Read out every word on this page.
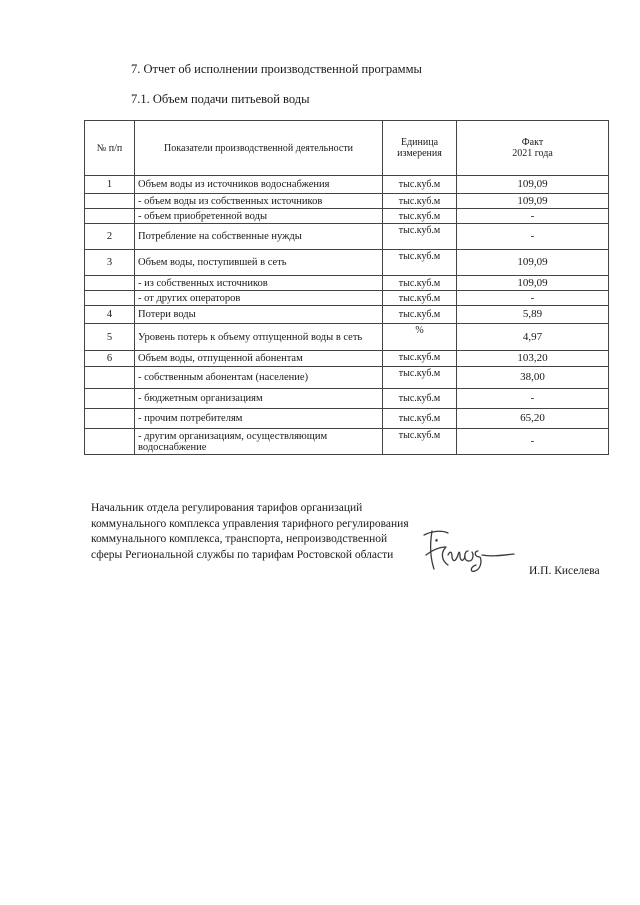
7. Отчет об исполнении производственной программы
7.1. Объем подачи питьевой воды
№ п/п	Показатели производственной деятельности	Единица измерения	Факт
2021 года
1	Объем воды из источников водоснабжения	тыс.куб.м	109,09
	- объем воды из собственных источников	тыс.куб.м	109,09
	- объем приобретенной воды	тыс.куб.м	-
2	Потребление на собственные нужды	тыс.куб.м	-
3	Объем воды, поступившей в сеть	тыс.куб.м	109,09
	- из собственных источников	тыс.куб.м	109,09
	- от других операторов	тыс.куб.м	-
4	Потери воды	тыс.куб.м	5,89
5	Уровень потерь к объему отпущенной воды в сеть	%	4,97
6	Объем воды, отпущенной абонентам	тыс.куб.м	103,20
	- собственным абонентам (население)	тыс.куб.м	38,00
	- бюджетным организациям	тыс.куб.м	-
	- прочим потребителям	тыс.куб.м	65,20
	- другим организациям, осуществляющим водоснабжение	тыс.куб.м	-
Начальник отдела регулирования тарифов организаций коммунального комплекса управления тарифного регулирования коммунального комплекса, транспорта, непроизводственной сферы Региональной службы по тарифам Ростовской области
И.П. Киселева
